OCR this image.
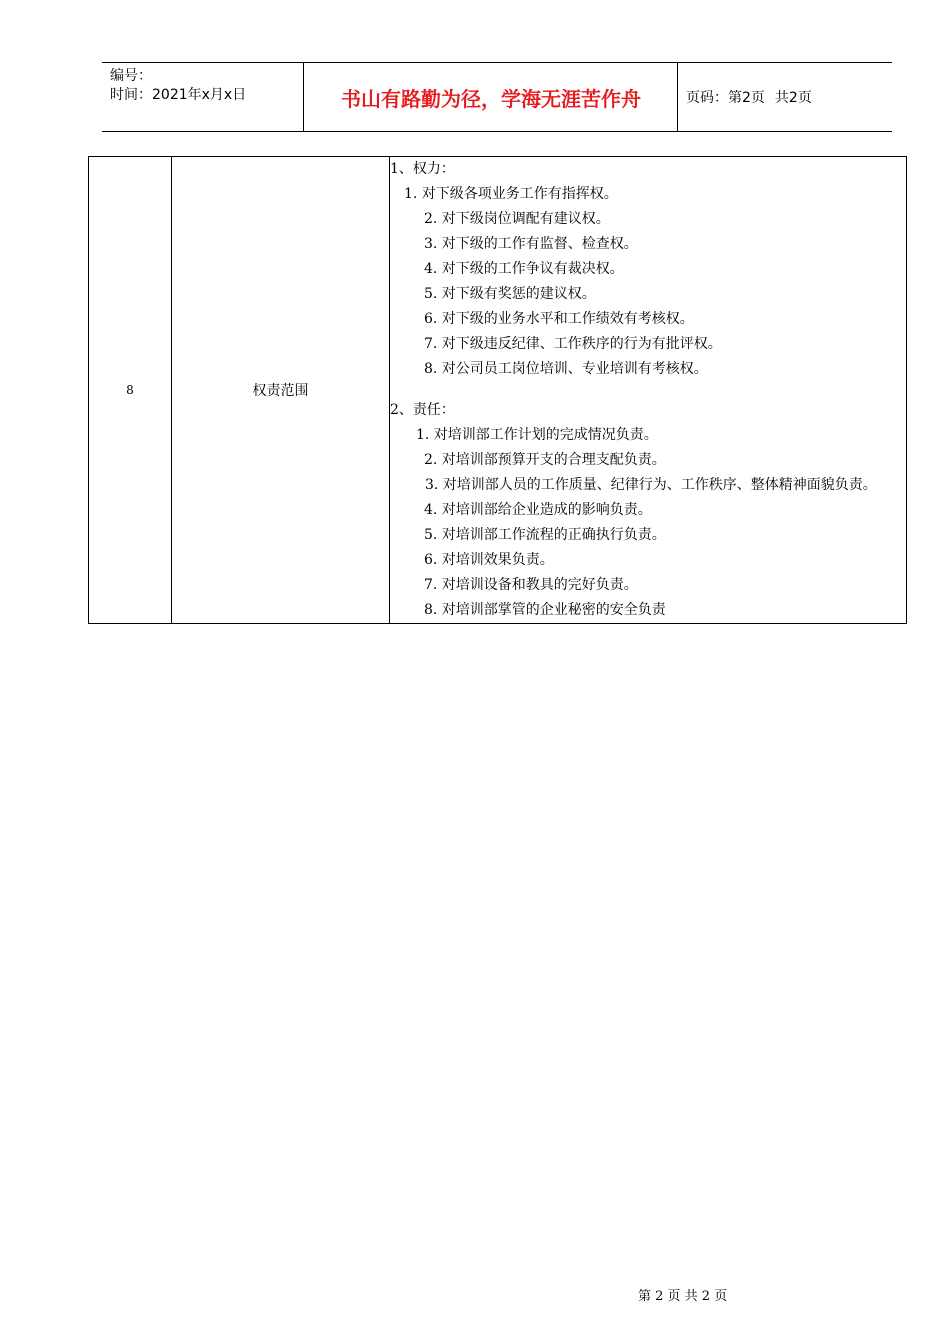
编号：
时间：2021年x月x日	书山有路勤为径，学海无涯苦作舟	页码：第2页 共2页
8	权责范围	
1、权力：
1. 对下级各项业务工作有指挥权。
2. 对下级岗位调配有建议权。
3. 对下级的工作有监督、检查权。
4. 对下级的工作争议有裁决权。
5. 对下级有奖惩的建议权。
6. 对下级的业务水平和工作绩效有考核权。
7. 对下级违反纪律、工作秩序的行为有批评权。
8. 对公司员工岗位培训、专业培训有考核权。
2、责任：
1. 对培训部工作计划的完成情况负责。
2. 对培训部预算开支的合理支配负责。
3. 对培训部人员的工作质量、纪律行为、工作秩序、整体精神面貌负责。
4. 对培训部给企业造成的影响负责。
5. 对培训部工作流程的正确执行负责。
6. 对培训效果负责。
7. 对培训设备和教具的完好负责。
8. 对培训部掌管的企业秘密的安全负责
第 2 页 共 2 页
